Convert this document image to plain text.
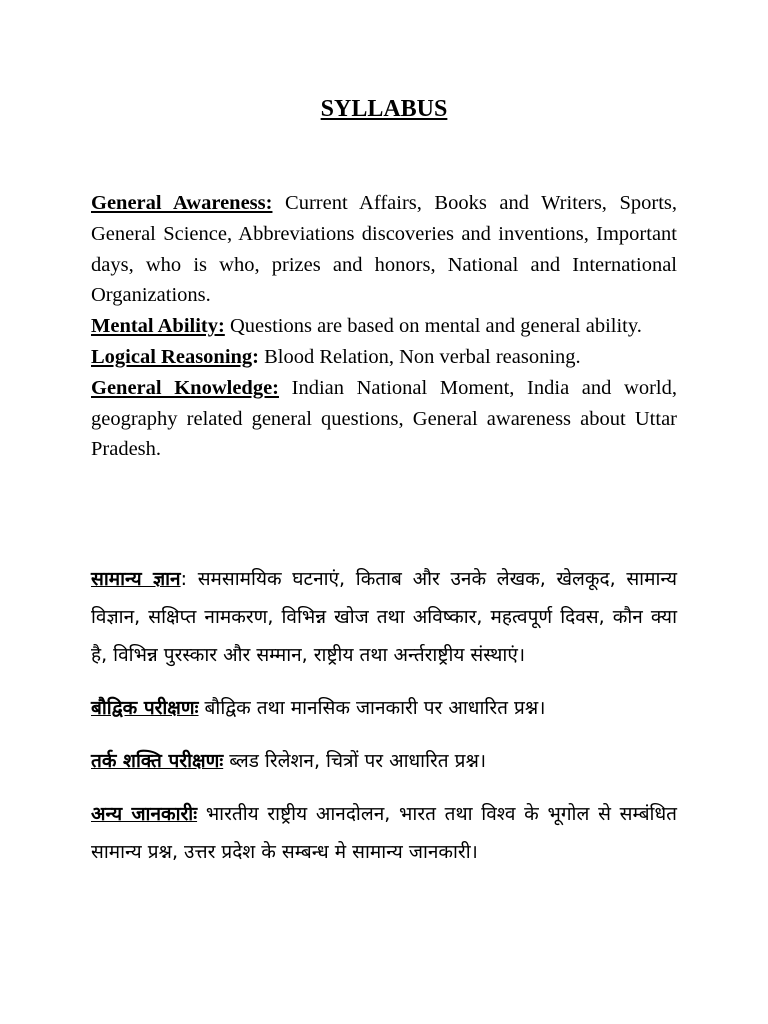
SYLLABUS

General Awareness: Current Affairs, Books and Writers, Sports, General Science, Abbreviations discoveries and inventions, Important days, who is who, prizes and honors, National and International Organizations.

Mental Ability: Questions are based on mental and general ability.

Logical Reasoning: Blood Relation, Non verbal reasoning.

General Knowledge: Indian National Moment, India and world, geography related general questions, General awareness about Uttar Pradesh.

सामान्य ज्ञान: समसामयिक घटनाएं, किताब और उनके लेखक, खेलकूद, सामान्य विज्ञान, सक्षिप्त नामकरण, विभिन्न खोज तथा अविष्कार, महत्वपूर्ण दिवस, कौन क्या है, विभिन्न पुरस्कार और सम्मान, राष्ट्रीय तथा अर्न्तराष्ट्रीय संस्थाएं।

बौद्विक परीक्षणः बौद्विक तथा मानसिक जानकारी पर आधारित प्रश्न।

तर्क शक्ति परीक्षणः ब्लड रिलेशन, चित्रों पर आधारित प्रश्न।

अन्य जानकारीः भारतीय राष्ट्रीय आनदोलन, भारत तथा विश्व के भूगोल से सम्बंधित सामान्य प्रश्न, उत्तर प्रदेश के सम्बन्ध मे सामान्य जानकारी।
